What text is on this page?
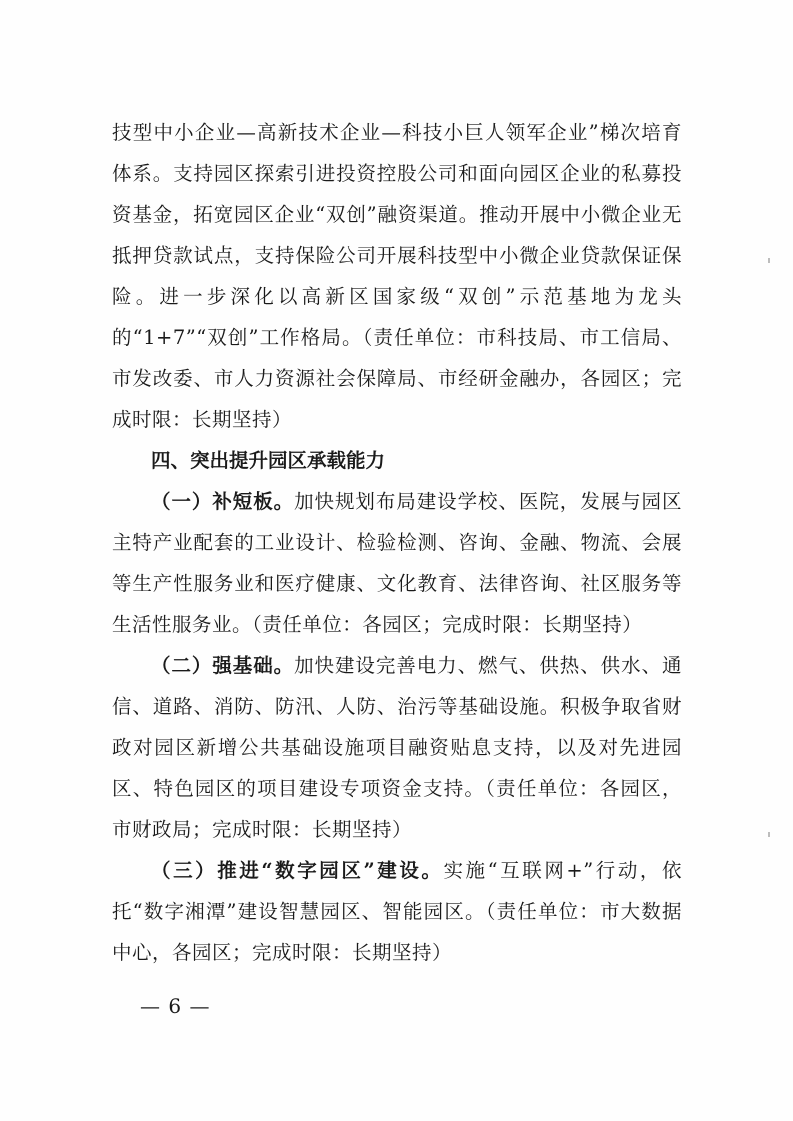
技型中小企业—高新技术企业—科技小巨人领军企业”梯次培育体系。支持园区探索引进投资控股公司和面向园区企业的私募投资基金，拓宽园区企业“双创”融资渠道。推动开展中小微企业无抵押贷款试点，支持保险公司开展科技型中小微企业贷款保证保险。进一步深化以高新区国家级“双创”示范基地为龙头的“1+7”“双创”工作格局。（责任单位：市科技局、市工信局、市发改委、市人力资源社会保障局、市经研金融办，各园区；完成时限：长期坚持）

四、突出提升园区承载能力

（一）补短板。加快规划布局建设学校、医院，发展与园区主特产业配套的工业设计、检验检测、咨询、金融、物流、会展等生产性服务业和医疗健康、文化教育、法律咨询、社区服务等生活性服务业。（责任单位：各园区；完成时限：长期坚持）

（二）强基础。加快建设完善电力、燃气、供热、供水、通信、道路、消防、防汛、人防、治污等基础设施。积极争取省财政对园区新增公共基础设施项目融资贴息支持，以及对先进园区、特色园区的项目建设专项资金支持。（责任单位：各园区，市财政局；完成时限：长期坚持）

（三）推进“数字园区”建设。实施“互联网+”行动，依托“数字湘潭”建设智慧园区、智能园区。（责任单位：市大数据中心，各园区；完成时限：长期坚持）

— 6 —
